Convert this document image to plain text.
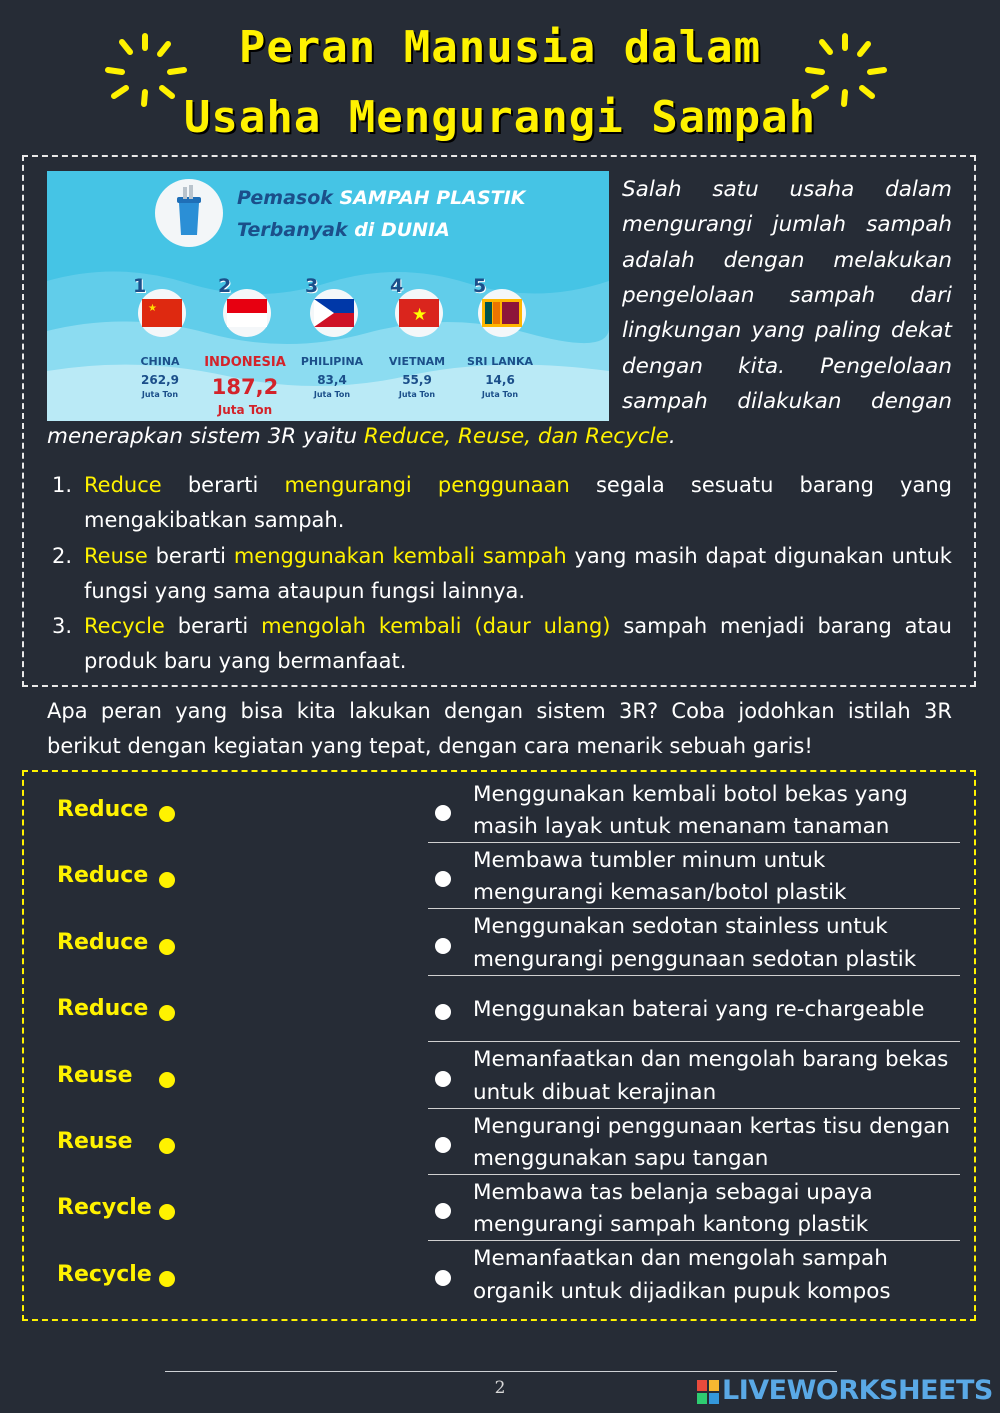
Peran Manusia dalam
Usaha Mengurangi Sampah
Pemasok SAMPAH PLASTIK
Terbanyak di DUNIA
★
1
CHINA
262,9
Juta Ton
2
INDONESIA
187,2
Juta Ton
3
PHILIPINA
83,4
Juta Ton
★
4
VIETNAM
55,9
Juta Ton
5
SRI LANKA
14,6
Juta Ton
Salah satu usaha dalam
mengurangi jumlah sampah
adalah dengan melakukan
pengelolaan sampah dari
lingkungan yang paling dekat
dengan kita. Pengelolaan
sampah dilakukan dengan
menerapkan sistem 3R yaitu Reduce, Reuse, dan Recycle.
1. Reduce berarti mengurangi penggunaan segala sesuatu barang yang mengakibatkan sampah.
2. Reuse berarti menggunakan kembali sampah yang masih dapat digunakan untuk fungsi yang sama ataupun fungsi lainnya.
3. Recycle berarti mengolah kembali (daur ulang) sampah menjadi barang atau produk baru yang bermanfaat.
Apa peran yang bisa kita lakukan dengan sistem 3R? Coba jodohkan istilah 3R berikut dengan kegiatan yang tepat, dengan cara menarik sebuah garis!
Reduce
Reduce
Reduce
Reduce
Reuse
Reuse
Recycle
Recycle
Menggunakan kembali botol bekas yang masih layak untuk menanam tanaman
Membawa tumbler minum untuk mengurangi kemasan/botol plastik
Menggunakan sedotan stainless untuk mengurangi penggunaan sedotan plastik
Menggunakan baterai yang re-chargeable
Memanfaatkan dan mengolah barang bekas untuk dibuat kerajinan
Mengurangi penggunaan kertas tisu dengan menggunakan sapu tangan
Membawa tas belanja sebagai upaya mengurangi sampah kantong plastik
Memanfaatkan dan mengolah sampah organik untuk dijadikan pupuk kompos
2	LIVEWORKSHEETS
